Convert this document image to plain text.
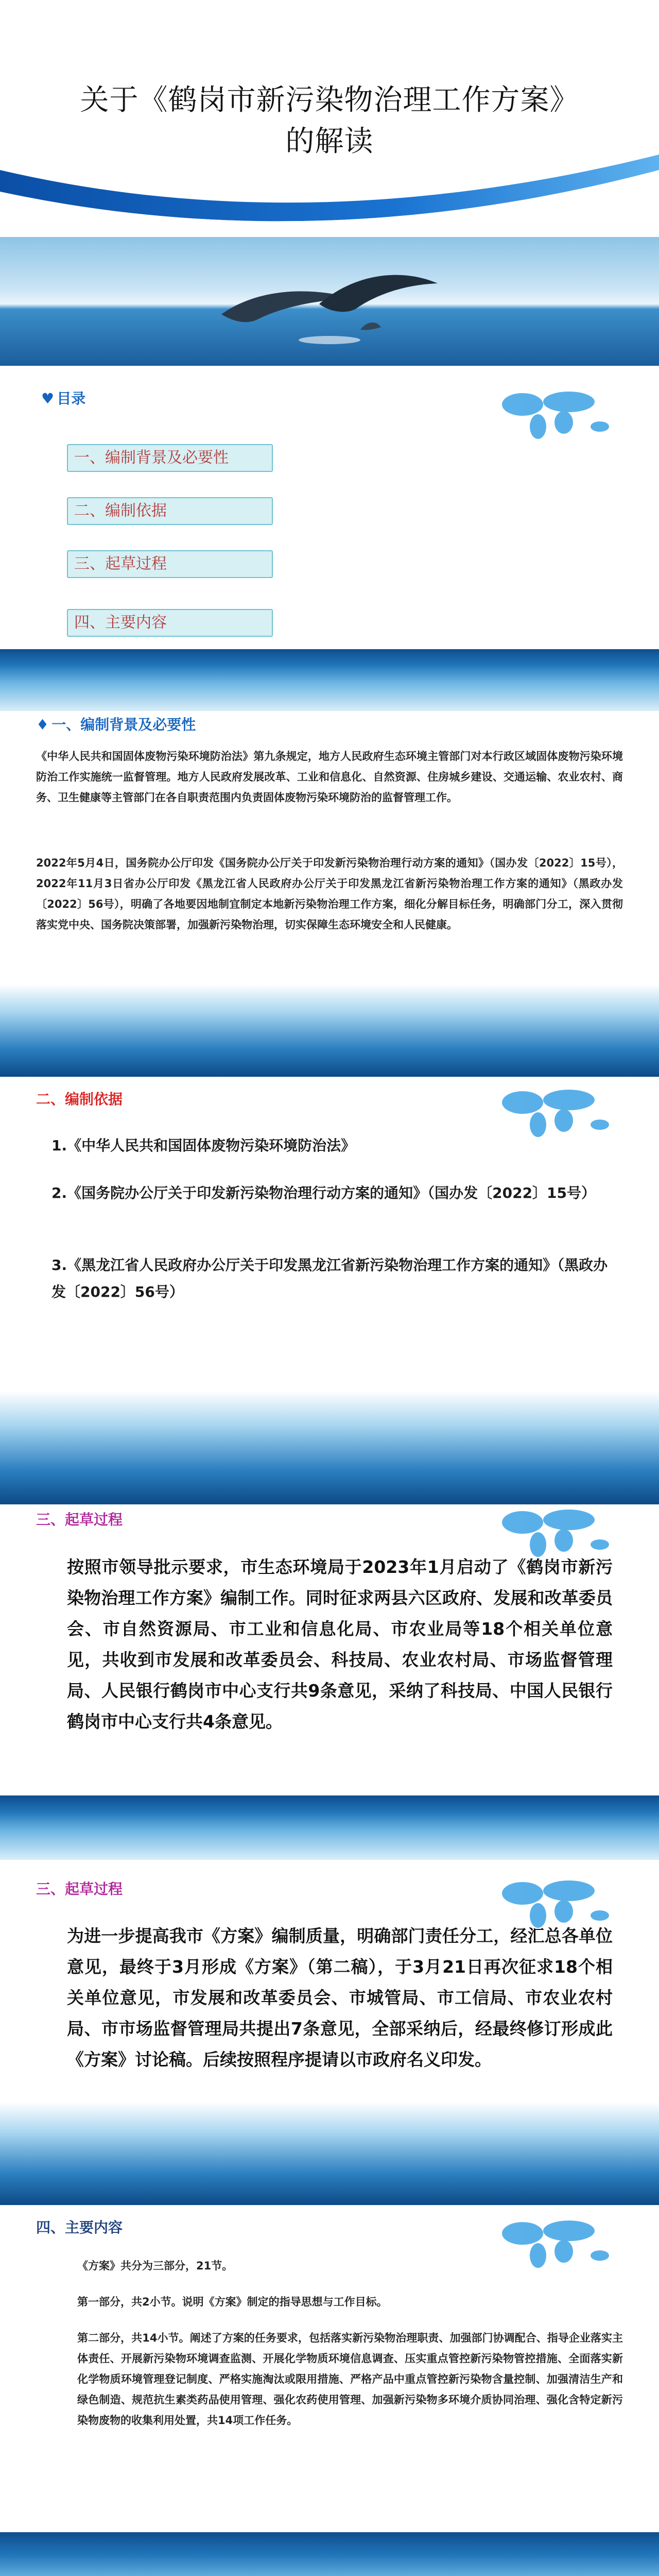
关于《鹤岗市新污染物治理工作方案》
的解读
♥ 目录
一、编制背景及必要性
二、编制依据
三、起草过程
四、主要内容
♦ 一、编制背景及必要性
《中华人民共和国固体废物污染环境防治法》第九条规定，地方人民政府生态环境主管部门对本行政区域固体废物污染环境防治工作实施统一监督管理。地方人民政府发展改革、工业和信息化、自然资源、住房城乡建设、交通运输、农业农村、商务、卫生健康等主管部门在各自职责范围内负责固体废物污染环境防治的监督管理工作。
2022年5月4日，国务院办公厅印发《国务院办公厅关于印发新污染物治理行动方案的通知》（国办发〔2022〕15号），2022年11月3日省办公厅印发《黑龙江省人民政府办公厅关于印发黑龙江省新污染物治理工作方案的通知》（黑政办发〔2022〕56号），明确了各地要因地制宜制定本地新污染物治理工作方案，细化分解目标任务，明确部门分工，深入贯彻落实党中央、国务院决策部署，加强新污染物治理，切实保障生态环境安全和人民健康。
二、编制依据
1.《中华人民共和国固体废物污染环境防治法》
2.《国务院办公厅关于印发新污染物治理行动方案的通知》（国办发〔2022〕15号）
3.《黑龙江省人民政府办公厅关于印发黑龙江省新污染物治理工作方案的通知》（黑政办发〔2022〕56号）
三、起草过程
按照市领导批示要求，市生态环境局于2023年1月启动了《鹤岗市新污染物治理工作方案》编制工作。同时征求两县六区政府、发展和改革委员会、市自然资源局、市工业和信息化局、市农业局等18个相关单位意见，共收到市发展和改革委员会、科技局、农业农村局、市场监督管理局、人民银行鹤岗市中心支行共9条意见，采纳了科技局、中国人民银行鹤岗市中心支行共4条意见。
三、起草过程
为进一步提高我市《方案》编制质量，明确部门责任分工，经汇总各单位意见，最终于3月形成《方案》（第二稿），于3月21日再次征求18个相关单位意见，市发展和改革委员会、市城管局、市工信局、市农业农村局、市市场监督管理局共提出7条意见，全部采纳后，经最终修订形成此《方案》讨论稿。后续按照程序提请以市政府名义印发。
四、主要内容
《方案》共分为三部分，21节。
第一部分，共2小节。说明《方案》制定的指导思想与工作目标。
第二部分，共14小节。阐述了方案的任务要求，包括落实新污染物治理职责、加强部门协调配合、指导企业落实主体责任、开展新污染物环境调查监测、开展化学物质环境信息调查、压实重点管控新污染物管控措施、全面落实新化学物质环境管理登记制度、严格实施淘汰或限用措施、严格产品中重点管控新污染物含量控制、加强清洁生产和绿色制造、规范抗生素类药品使用管理、强化农药使用管理、加强新污染物多环境介质协同治理、强化含特定新污染物废物的收集利用处置，共14项工作任务。
